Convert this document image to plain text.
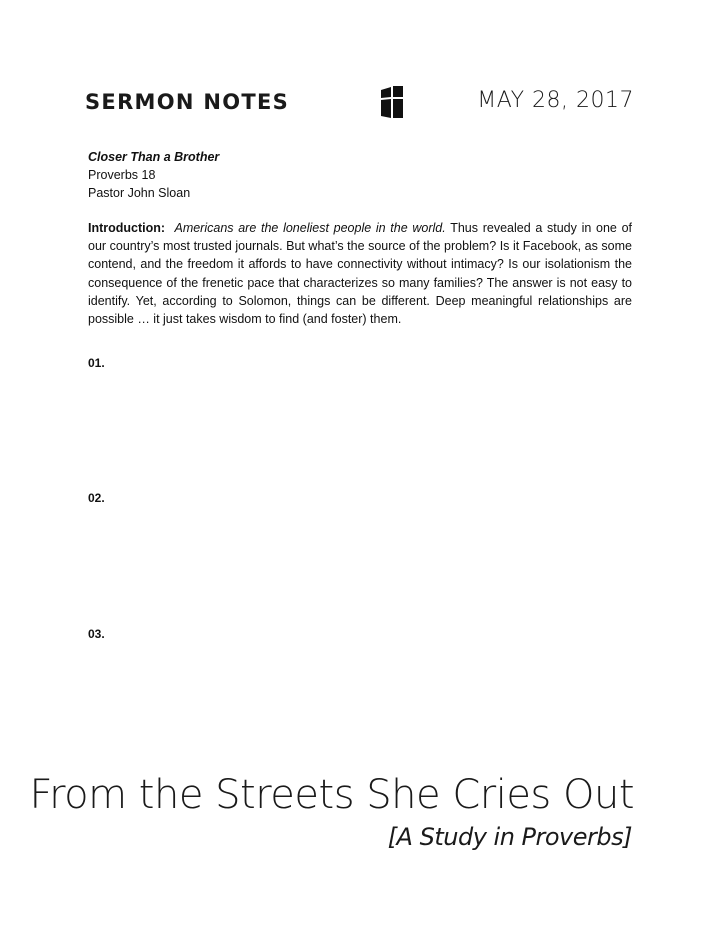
SERMON NOTES	MAY 28, 2017
Closer Than a Brother
Proverbs 18
Pastor John Sloan

Introduction: Americans are the loneliest people in the world. Thus revealed a study in one of our country’s most trusted journals. But what’s the source of the problem? Is it Facebook, as some contend, and the freedom it affords to have connectivity without intimacy? Is our isolationism the consequence of the frenetic pace that characterizes so many families? The answer is not easy to identify. Yet, according to Solomon, things can be different. Deep meaningful relationships are possible … it just takes wisdom to find (and foster) them.

01.
02.
03.
From the Streets She Cries Out
[A Study in Proverbs]
